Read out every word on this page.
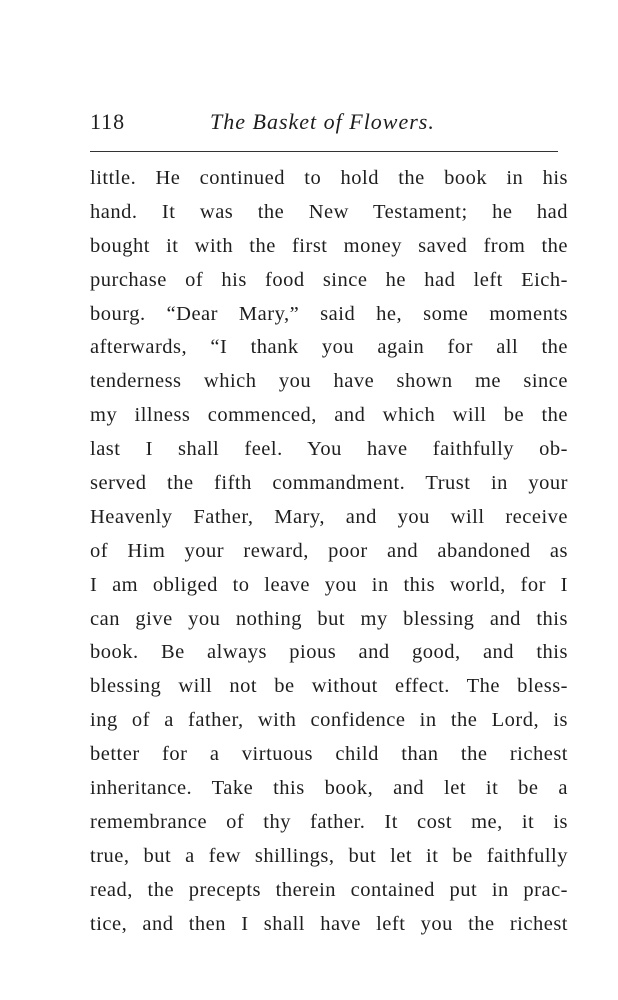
118	The Basket of Flowers.
little. He continued to hold the book in his
hand. It was the New Testament; he had
bought it with the first money saved from the
purchase of his food since he had left Eich-
bourg. “Dear Mary,” said he, some moments
afterwards, “I thank you again for all the
tenderness which you have shown me since
my illness commenced, and which will be the
last I shall feel. You have faithfully ob-
served the fifth commandment. Trust in your
Heavenly Father, Mary, and you will receive
of Him your reward, poor and abandoned as
I am obliged to leave you in this world, for I
can give you nothing but my blessing and this
book. Be always pious and good, and this
blessing will not be without effect. The bless-
ing of a father, with confidence in the Lord, is
better for a virtuous child than the richest
inheritance. Take this book, and let it be a
remembrance of thy father. It cost me, it is
true, but a few shillings, but let it be faithfully
read, the precepts therein contained put in prac-
tice, and then I shall have left you the richest
